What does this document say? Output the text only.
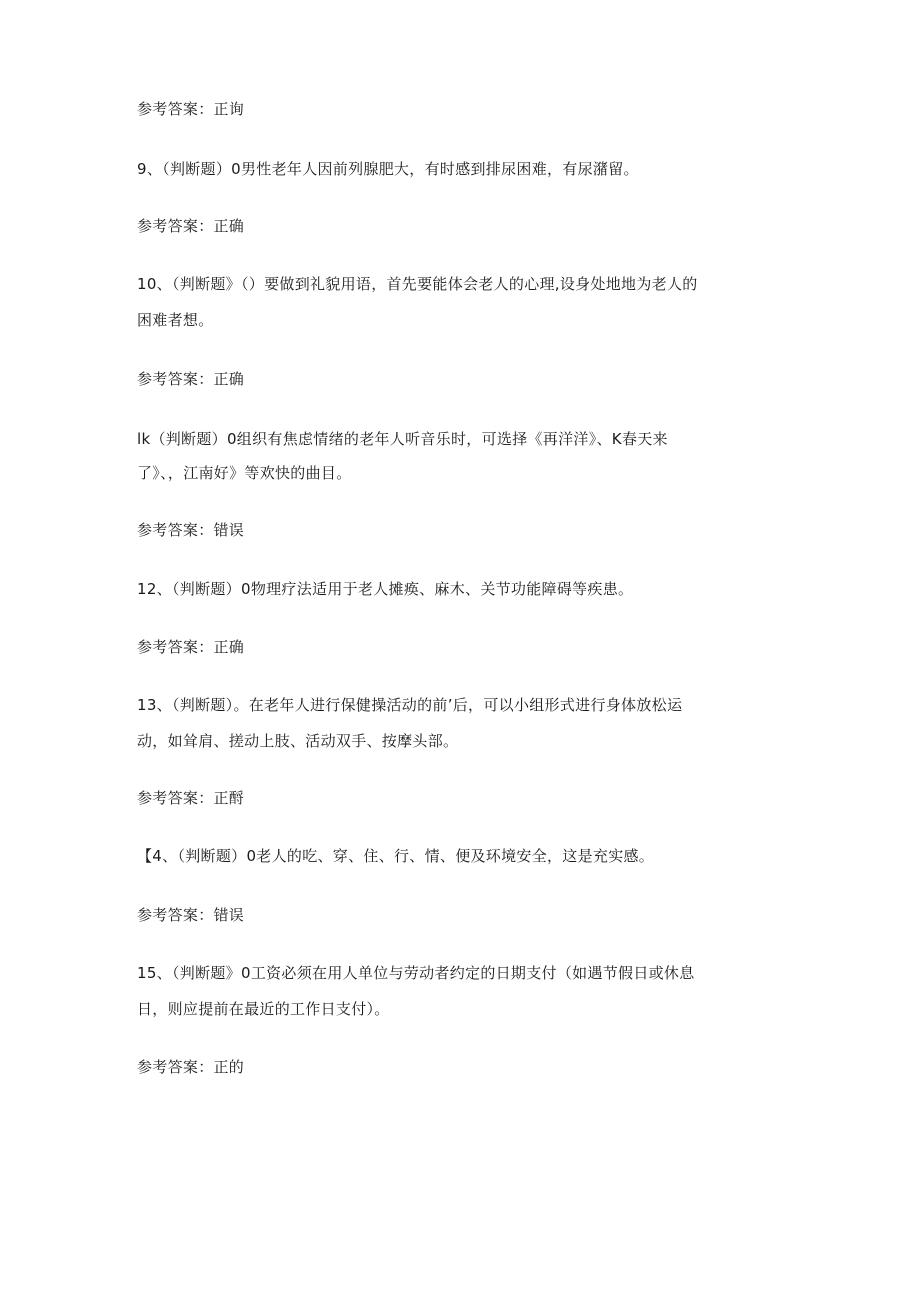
参考答案：正询
9、（判断题）0男性老年人因前列腺肥大，有时感到排尿困难，有尿潴留。
参考答案：正确
10、（判断题》（）要做到礼貌用语，首先要能体会老人的心理,设身处地地为老人的
困难者想。
参考答案：正确
lk（判断题）0组织有焦虑情绪的老年人听音乐时，可选择《再洋洋》、K春天来
了》、，江南好》等欢快的曲目。
参考答案：错误
12、（判断题）0物理疗法适用于老人摊痪、麻木、关节功能障碍等疾患。
参考答案：正确
13、（判断题）。在老年人进行保健操活动的前’后，可以小组形式进行身体放松运
动，如耸肩、搓动上肢、活动双手、按摩头部。
参考答案：正酹
【4、（判断题）0老人的吃、穿、住、行、情、便及环境安全，这是充实感。
参考答案：错误
15、（判断题》0工资必须在用人单位与劳动者约定的日期支付（如遇节假日或休息
日，则应提前在最近的工作日支付）。
参考答案：正的
